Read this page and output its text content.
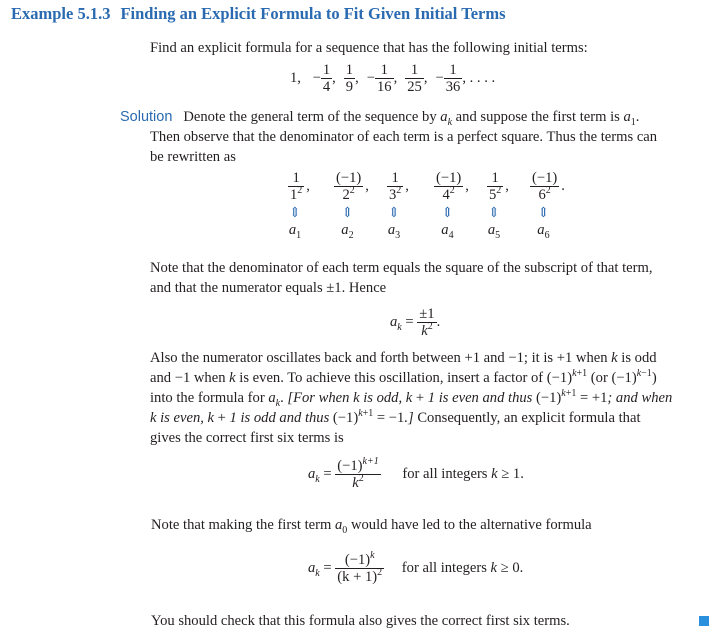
Example 5.1.3 Finding an Explicit Formula to Fit Given Initial Terms
Find an explicit formula for a sequence that has the following initial terms:
1, − $\frac{1}{4}$ , $\frac{1}{9}$ , − $\frac{1}{16}$ , $\frac{1}{25}$ , − $\frac{1}{36}$ , . . . .
Solution Denote the general term of the sequence by $a_k$ and suppose the first term is $a_1$.
Then observe that the denominator of each term is a perfect square. Thus the terms can
be rewritten as
$\frac{1}{1^2}$ ,
⇕
$a_1$
$\frac{(-1)}{2^2}$ ,
⇕
$a_2$
$\frac{1}{3^2}$ ,
⇕
$a_3$
$\frac{(-1)}{4^2}$ ,
⇕
$a_4$
$\frac{1}{5^2}$ ,
⇕
$a_5$
$\frac{(-1)}{6^2}$ .
⇕
$a_6$
Note that the denominator of each term equals the square of the subscript of that term,
and that the numerator equals ±1. Hence
$a_k = \frac{\pm 1}{k^2}$ .
Also the numerator oscillates back and forth between +1 and −1; it is +1 when k is odd
and −1 when k is even. To achieve this oscillation, insert a factor of $(-1)^{k+1}$ (or $(-1)^{k-1}$)
into the formula for $a_k$. [For when k is odd, k + 1 is even and thus $(-1)^{k+1} = +1$; and when
k is even, k + 1 is odd and thus $(-1)^{k+1} = -1$.] Consequently, an explicit formula that
gives the correct first six terms is
$a_k = \frac{(-1)^{k+1}}{k^2}$ for all integers k ≥ 1.
Note that making the first term $a_0$ would have led to the alternative formula
$a_k = \frac{(-1)^k}{(k + 1)^2}$ for all integers k ≥ 0.
You should check that this formula also gives the correct first six terms.
